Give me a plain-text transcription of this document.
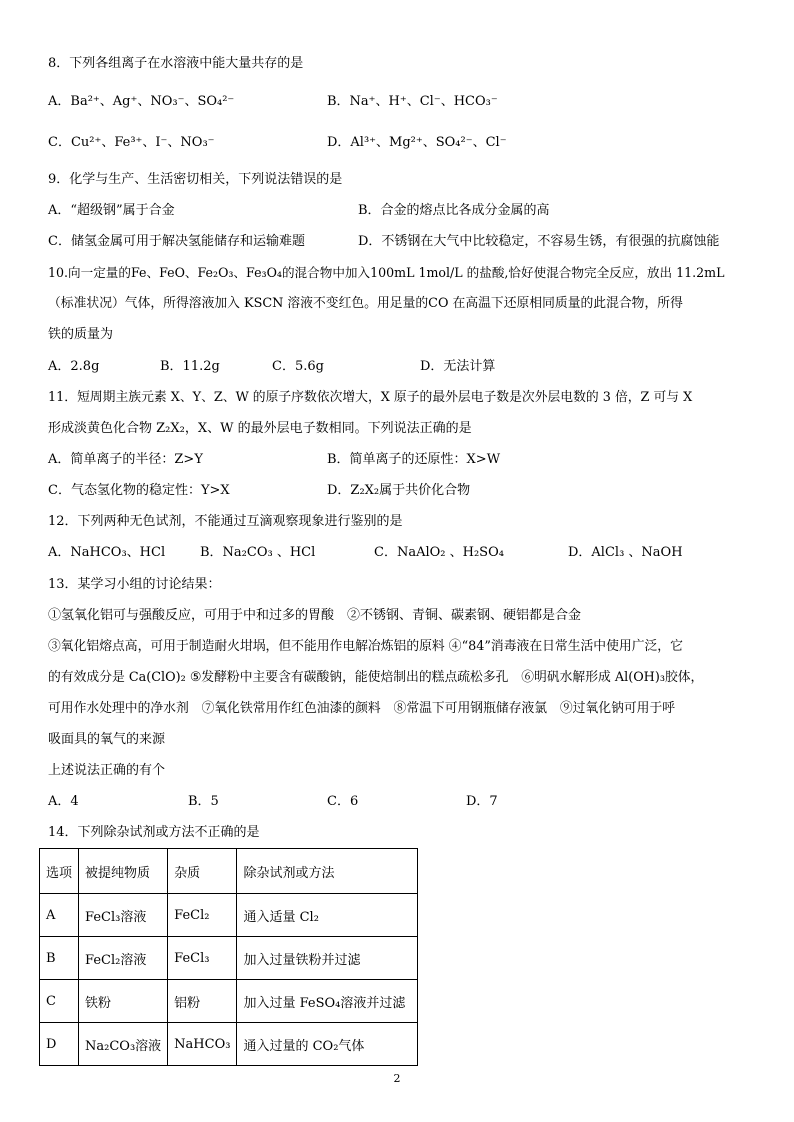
8．下列各组离子在水溶液中能大量共存的是
A．Ba²⁺、Ag⁺、NO₃⁻、SO₄²⁻	B．Na⁺、H⁺、Cl⁻、HCO₃⁻
C．Cu²⁺、Fe³⁺、I⁻、NO₃⁻	D．Al³⁺、Mg²⁺、SO₄²⁻、Cl⁻
9．化学与生产、生活密切相关，下列说法错误的是
A．“超级钢”属于合金	B．合金的熔点比各成分金属的高
C．储氢金属可用于解决氢能储存和运输难题	D．不锈钢在大气中比较稳定，不容易生锈，有很强的抗腐蚀能
10.向一定量的Fe、FeO、Fe₂O₃、Fe₃O₄的混合物中加入100mL 1mol/L 的盐酸,恰好使混合物完全反应，放出 11.2mL
（标准状况）气体，所得溶液加入 KSCN 溶液不变红色。用足量的CO 在高温下还原相同质量的此混合物，所得
铁的质量为
A．2.8g	B．11.2g	C．5.6g	D．无法计算
11．短周期主族元素 X、Y、Z、W 的原子序数依次增大，X 原子的最外层电子数是次外层电数的 3 倍，Z 可与 X
形成淡黄色化合物 Z₂X₂，X、W 的最外层电子数相同。下列说法正确的是
A．简单离子的半径：Z>Y	B．简单离子的还原性：X>W
C．气态氢化物的稳定性：Y>X	D．Z₂X₂属于共价化合物
12．下列两种无色试剂，不能通过互滴观察现象进行鉴别的是
A．NaHCO₃、HCl	B．Na₂CO₃ 、HCl	C．NaAlO₂ 、H₂SO₄	D．AlCl₃ 、NaOH
13．某学习小组的讨论结果：
①氢氧化铝可与强酸反应，可用于中和过多的胃酸　②不锈钢、青铜、碳素钢、硬铝都是合金
③氧化铝熔点高，可用于制造耐火坩埚，但不能用作电解冶炼铝的原料 ④“84”消毒液在日常生活中使用广泛，它
的有效成分是 Ca(ClO)₂ ⑤发酵粉中主要含有碳酸钠，能使焙制出的糕点疏松多孔　⑥明矾水解形成 Al(OH)₃胶体，
可用作水处理中的净水剂　⑦氧化铁常用作红色油漆的颜料　⑧常温下可用钢瓶储存液氯　⑨过氧化钠可用于呼
吸面具的氧气的来源
上述说法正确的有个
A．4	B．5	C．6	D．7
14．下列除杂试剂或方法不正确的是
选项	被提纯物质	杂质	除杂试剂或方法
A	FeCl₃溶液	FeCl₂	通入适量 Cl₂
B	FeCl₂溶液	FeCl₃	加入过量铁粉并过滤
C	铁粉	铝粉	加入过量 FeSO₄溶液并过滤
D	Na₂CO₃溶液	NaHCO₃	通入过量的 CO₂气体
2
